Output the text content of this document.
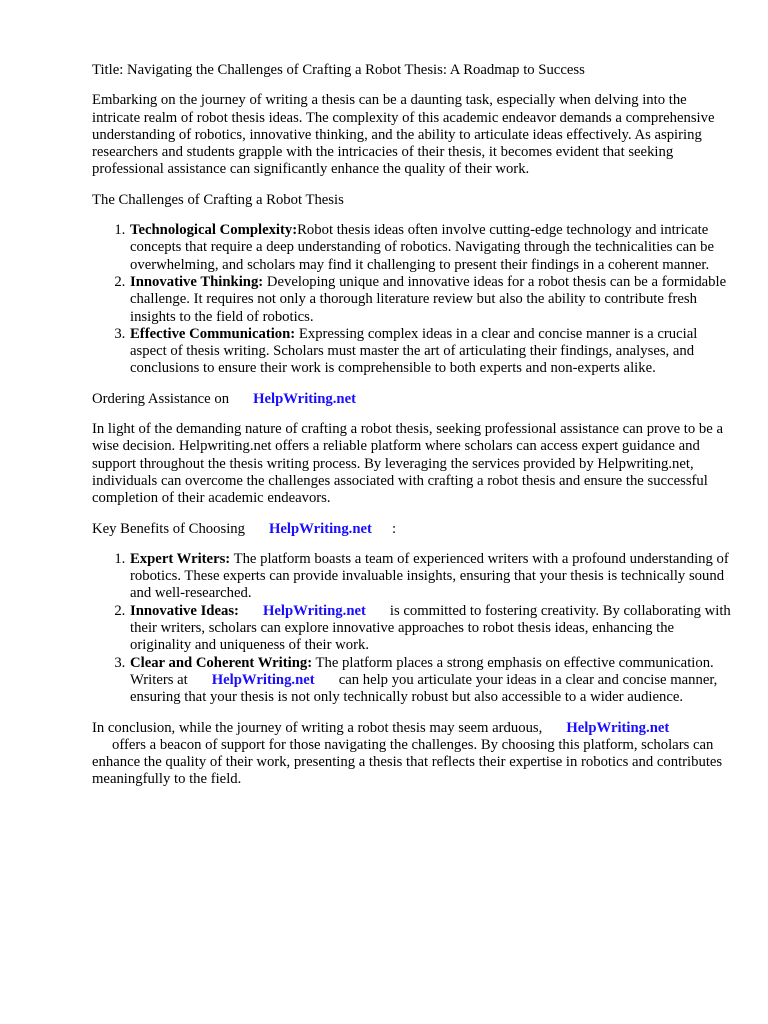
Title: Navigating the Challenges of Crafting a Robot Thesis: A Roadmap to Success

Embarking on the journey of writing a thesis can be a daunting task, especially when delving into the intricate realm of robot thesis ideas. The complexity of this academic endeavor demands a comprehensive understanding of robotics, innovative thinking, and the ability to articulate ideas effectively. As aspiring researchers and students grapple with the intricacies of their thesis, it becomes evident that seeking professional assistance can significantly enhance the quality of their work.

The Challenges of Crafting a Robot Thesis

1. Technological Complexity:Robot thesis ideas often involve cutting-edge technology and intricate concepts that require a deep understanding of robotics. Navigating through the technicalities can be overwhelming, and scholars may find it challenging to present their findings in a coherent manner.
2. Innovative Thinking: Developing unique and innovative ideas for a robot thesis can be a formidable challenge. It requires not only a thorough literature review but also the ability to contribute fresh insights to the field of robotics.
3. Effective Communication: Expressing complex ideas in a clear and concise manner is a crucial aspect of thesis writing. Scholars must master the art of articulating their findings, analyses, and conclusions to ensure their work is comprehensible to both experts and non-experts alike.

Ordering Assistance on HelpWriting.net

In light of the demanding nature of crafting a robot thesis, seeking professional assistance can prove to be a wise decision. Helpwriting.net offers a reliable platform where scholars can access expert guidance and support throughout the thesis writing process. By leveraging the services provided by Helpwriting.net, individuals can overcome the challenges associated with crafting a robot thesis and ensure the successful completion of their academic endeavors.

Key Benefits of Choosing HelpWriting.net :

1. Expert Writers: The platform boasts a team of experienced writers with a profound understanding of robotics. These experts can provide invaluable insights, ensuring that your thesis is technically sound and well-researched.
2. Innovative Ideas: HelpWriting.net is committed to fostering creativity. By collaborating with their writers, scholars can explore innovative approaches to robot thesis ideas, enhancing the originality and uniqueness of their work.
3. Clear and Coherent Writing: The platform places a strong emphasis on effective communication. Writers at HelpWriting.net can help you articulate your ideas in a clear and concise manner, ensuring that your thesis is not only technically robust but also accessible to a wider audience.

In conclusion, while the journey of writing a robot thesis may seem arduous, HelpWriting.net
offers a beacon of support for those navigating the challenges. By choosing this platform, scholars can enhance the quality of their work, presenting a thesis that reflects their expertise in robotics and contributes meaningfully to the field.
